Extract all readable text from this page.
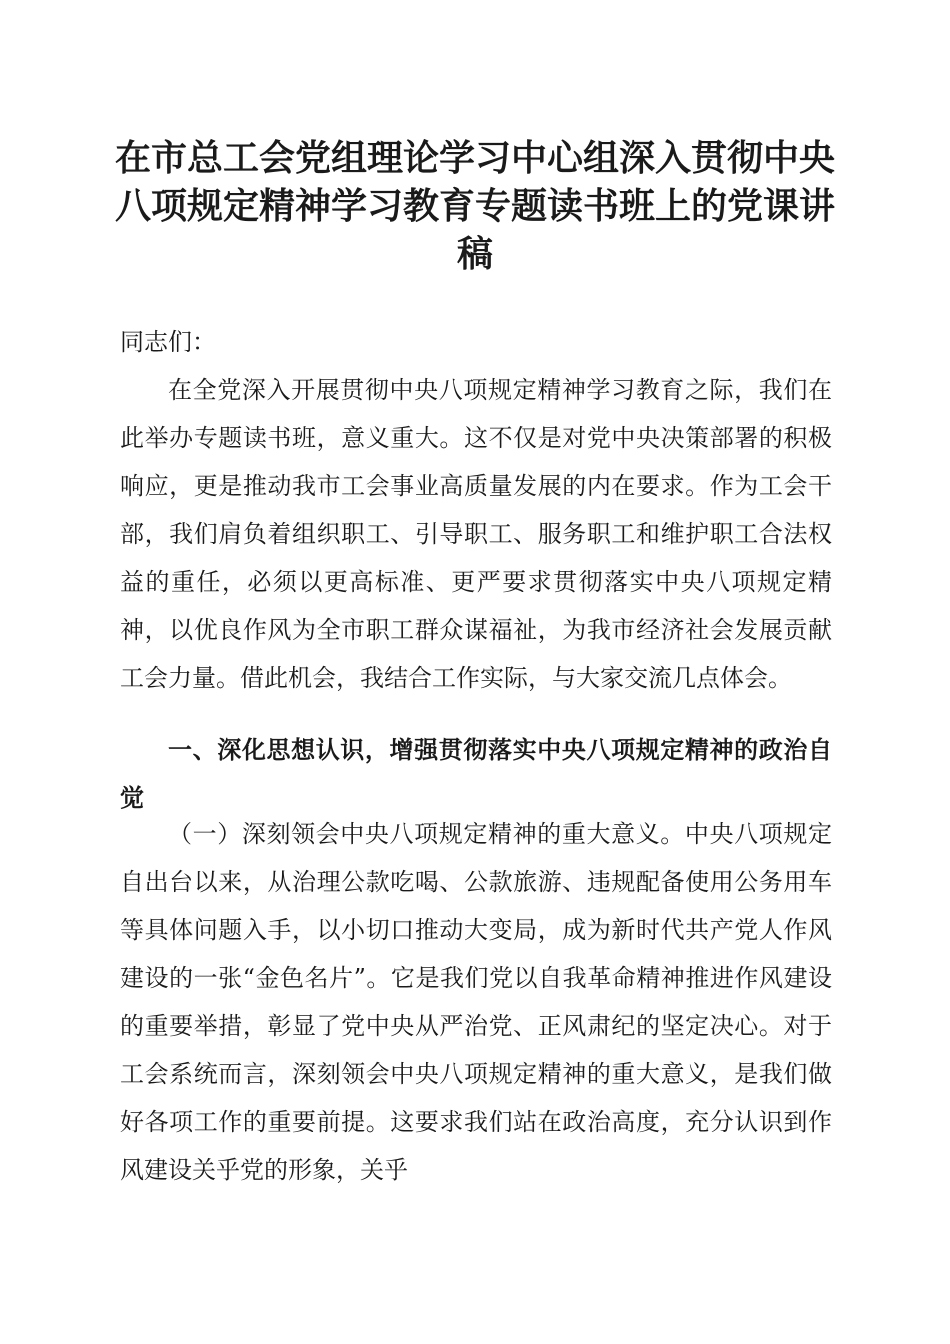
在市总工会党组理论学习中心组深入贯彻中央
八项规定精神学习教育专题读书班上的党课讲
稿

同志们：

在全党深入开展贯彻中央八项规定精神学习教育之际，我们在此举办专题读书班，意义重大。这不仅是对党中央决策部署的积极响应，更是推动我市工会事业高质量发展的内在要求。作为工会干部，我们肩负着组织职工、引导职工、服务职工和维护职工合法权益的重任，必须以更高标准、更严要求贯彻落实中央八项规定精神，以优良作风为全市职工群众谋福祉，为我市经济社会发展贡献工会力量。借此机会，我结合工作实际，与大家交流几点体会。

一、深化思想认识，增强贯彻落实中央八项规定精神的政治自觉

（一）深刻领会中央八项规定精神的重大意义。中央八项规定自出台以来，从治理公款吃喝、公款旅游、违规配备使用公务用车等具体问题入手，以小切口推动大变局，成为新时代共产党人作风建设的一张“金色名片”。它是我们党以自我革命精神推进作风建设的重要举措，彰显了党中央从严治党、正风肃纪的坚定决心。对于工会系统而言，深刻领会中央八项规定精神的重大意义，是我们做好各项工作的重要前提。这要求我们站在政治高度，充分认识到作风建设关乎党的形象，关乎
